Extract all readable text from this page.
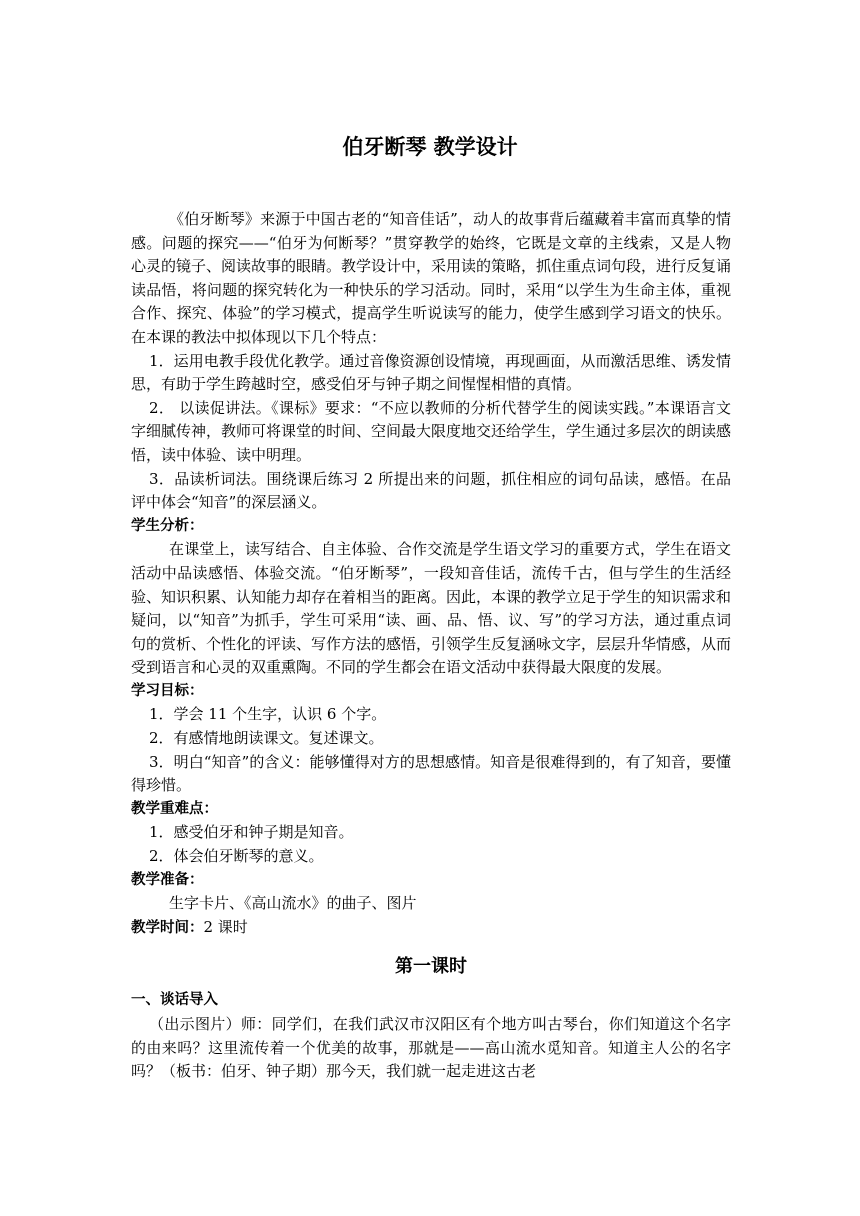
伯牙断琴 教学设计

《伯牙断琴》来源于中国古老的“知音佳话”，动人的故事背后蕴藏着丰富而真挚的情感。问题的探究——“伯牙为何断琴？”贯穿教学的始终，它既是文章的主线索，又是人物心灵的镜子、阅读故事的眼睛。教学设计中，采用读的策略，抓住重点词句段，进行反复诵读品悟，将问题的探究转化为一种快乐的学习活动。同时，采用“以学生为生命主体，重视合作、探究、体验”的学习模式，提高学生听说读写的能力，使学生感到学习语文的快乐。在本课的教法中拟体现以下几个特点：

1．运用电教手段优化教学。通过音像资源创设情境，再现画面，从而激活思维、诱发情思，有助于学生跨越时空，感受伯牙与钟子期之间惺惺相惜的真情。

2． 以读促讲法。《课标》要求：“不应以教师的分析代替学生的阅读实践。”本课语言文字细腻传神，教师可将课堂的时间、空间最大限度地交还给学生，学生通过多层次的朗读感悟，读中体验、读中明理。

3．品读析词法。围绕课后练习 2 所提出来的问题，抓住相应的词句品读，感悟。在品评中体会“知音”的深层涵义。

学生分析：

在课堂上，读写结合、自主体验、合作交流是学生语文学习的重要方式，学生在语文活动中品读感悟、体验交流。“伯牙断琴”，一段知音佳话，流传千古，但与学生的生活经验、知识积累、认知能力却存在着相当的距离。因此，本课的教学立足于学生的知识需求和疑问，以“知音”为抓手，学生可采用“读、画、品、悟、议、写”的学习方法，通过重点词句的赏析、个性化的评读、写作方法的感悟，引领学生反复涵咏文字，层层升华情感，从而受到语言和心灵的双重熏陶。不同的学生都会在语文活动中获得最大限度的发展。

学习目标：

1．学会 11 个生字，认识 6 个字。

2．有感情地朗读课文。复述课文。

3．明白“知音”的含义：能够懂得对方的思想感情。知音是很难得到的，有了知音，要懂得珍惜。

教学重难点：

1．感受伯牙和钟子期是知音。

2．体会伯牙断琴的意义。

教学准备：

生字卡片、《高山流水》的曲子、图片

教学时间：2 课时

第一课时

一、谈话导入

（出示图片）师：同学们，在我们武汉市汉阳区有个地方叫古琴台，你们知道这个名字的由来吗？这里流传着一个优美的故事，那就是——高山流水觅知音。知道主人公的名字吗？（板书：伯牙、钟子期）那今天，我们就一起走进这古老
